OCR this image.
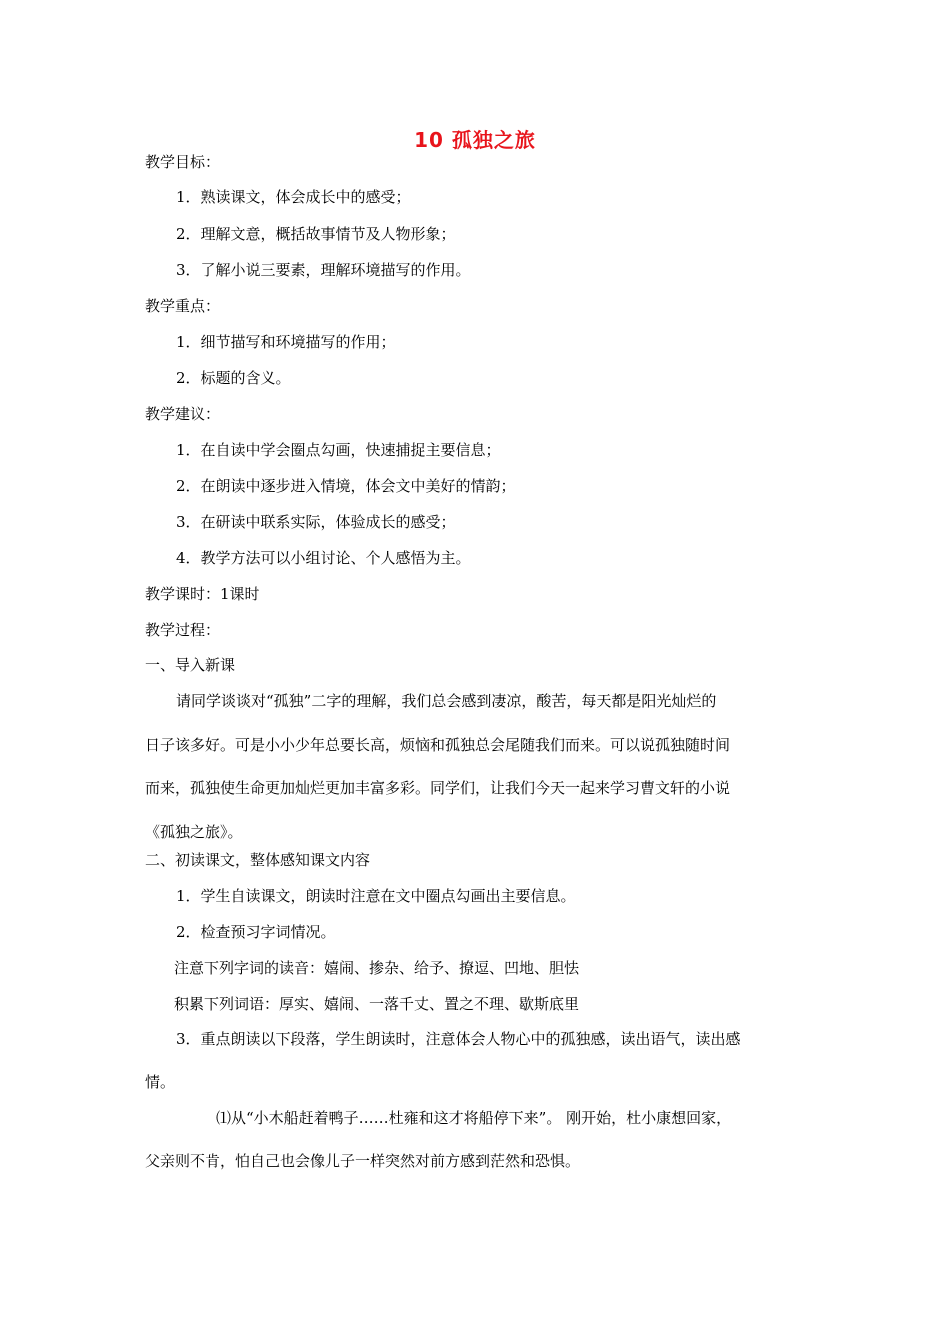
10 孤独之旅
教学目标：
1．熟读课文，体会成长中的感受；
2．理解文意，概括故事情节及人物形象；
3．了解小说三要素，理解环境描写的作用。
教学重点：
1．细节描写和环境描写的作用；
2．标题的含义。
教学建议：
1．在自读中学会圈点勾画，快速捕捉主要信息；
2．在朗读中逐步进入情境，体会文中美好的情韵；
3．在研读中联系实际，体验成长的感受；
4．教学方法可以小组讨论、个人感悟为主。
教学课时：1课时
教学过程：
一、导入新课
请同学谈谈对“孤独”二字的理解，我们总会感到凄凉，酸苦，每天都是阳光灿烂的
日子该多好。可是小小少年总要长高，烦恼和孤独总会尾随我们而来。可以说孤独随时间
而来，孤独使生命更加灿烂更加丰富多彩。同学们，让我们今天一起来学习曹文轩的小说
《孤独之旅》。
二、初读课文，整体感知课文内容
1．学生自读课文，朗读时注意在文中圈点勾画出主要信息。
2．检查预习字词情况。
注意下列字词的读音：嬉闹、掺杂、给予、撩逗、凹地、胆怯
积累下列词语：厚实、嬉闹、一落千丈、置之不理、歇斯底里
3．重点朗读以下段落，学生朗读时，注意体会人物心中的孤独感，读出语气，读出感
情。
⑴从“小木船赶着鸭子……杜雍和这才将船停下来”。 刚开始，杜小康想回家，
父亲则不肯，怕自己也会像儿子一样突然对前方感到茫然和恐惧。
